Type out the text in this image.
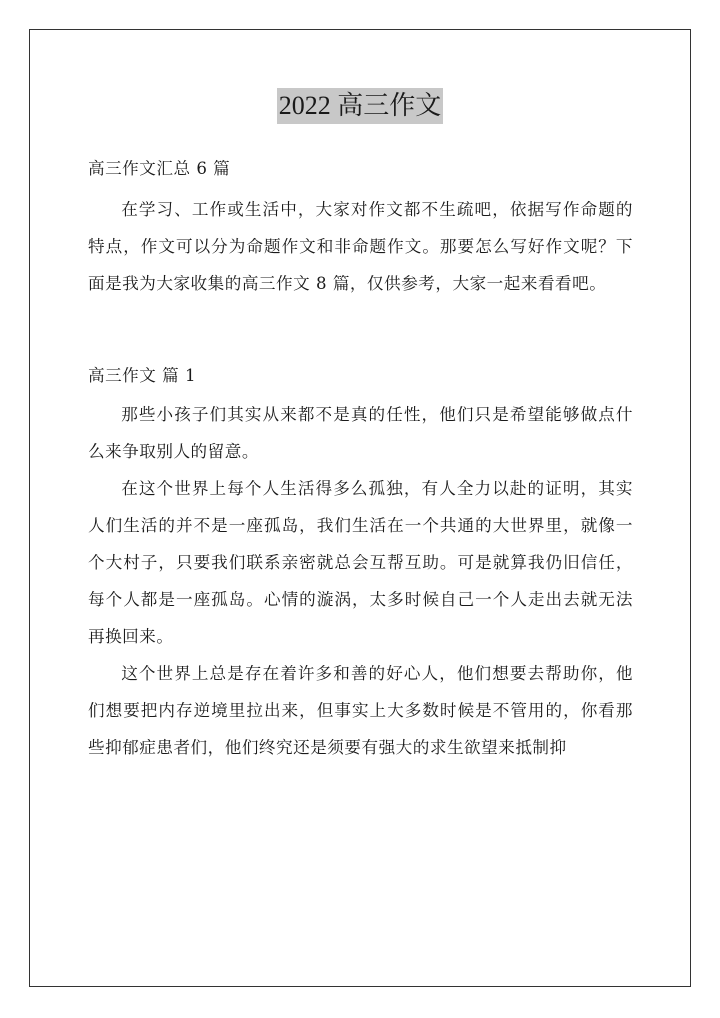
2022 高三作文

高三作文汇总 6 篇

在学习、工作或生活中，大家对作文都不生疏吧，依据写作命题的特点，作文可以分为命题作文和非命题作文。那要怎么写好作文呢？下面是我为大家收集的高三作文 8 篇，仅供参考，大家一起来看看吧。

高三作文 篇 1

那些小孩子们其实从来都不是真的任性，他们只是希望能够做点什么来争取别人的留意。

在这个世界上每个人生活得多么孤独，有人全力以赴的证明，其实人们生活的并不是一座孤岛，我们生活在一个共通的大世界里，就像一个大村子，只要我们联系亲密就总会互帮互助。可是就算我仍旧信任，每个人都是一座孤岛。心情的漩涡，太多时候自己一个人走出去就无法再换回来。

这个世界上总是存在着许多和善的好心人，他们想要去帮助你，他们想要把内存逆境里拉出来，但事实上大多数时候是不管用的，你看那些抑郁症患者们，他们终究还是须要有强大的求生欲望来抵制抑
